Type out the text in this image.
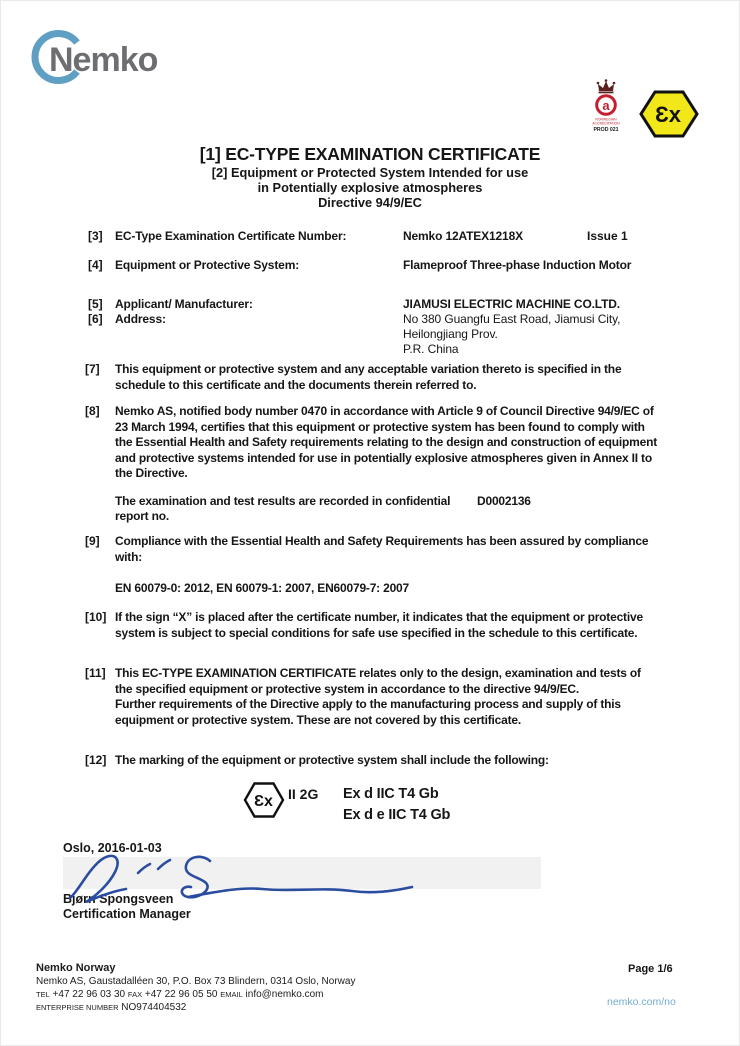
Nemko
a
NORWEGIAN
ACCREDITATION
PROD 021
Ɛx
[1] EC-TYPE EXAMINATION CERTIFICATE
[2] Equipment or Protected System Intended for use
in Potentially explosive atmospheres
Directive 94/9/EC
[3] EC-Type Examination Certificate Number:	Nemko 12ATEX1218X	Issue 1
[4] Equipment or Protective System:	Flameproof Three-phase Induction Motor
[5] Applicant/ Manufacturer:	JIAMUSI ELECTRIC MACHINE CO.LTD.
[6] Address:	No 380 Guangfu East Road, Jiamusi City,
Heilongjiang Prov.
P.R. China
[7] This equipment or protective system and any acceptable variation thereto is specified in the schedule to this certificate and the documents therein referred to.
[8] Nemko AS, notified body number 0470 in accordance with Article 9 of Council Directive 94/9/EC of 23 March 1994, certifies that this equipment or protective system has been found to comply with the Essential Health and Safety requirements relating to the design and construction of equipment and protective systems intended for use in potentially explosive atmospheres given in Annex II to the Directive.
The examination and test results are recorded in confidential D0002136
report no.
[9] Compliance with the Essential Health and Safety Requirements has been assured by compliance with:
EN 60079-0: 2012, EN 60079-1: 2007, EN60079-7: 2007
[10] If the sign “X” is placed after the certificate number, it indicates that the equipment or protective system is subject to special conditions for safe use specified in the schedule to this certificate.
[11] This EC-TYPE EXAMINATION CERTIFICATE relates only to the design, examination and tests of the specified equipment or protective system in accordance to the directive 94/9/EC.
Further requirements of the Directive apply to the manufacturing process and supply of this equipment or protective system. These are not covered by this certificate.
[12] The marking of the equipment or protective system shall include the following:
Ɛx II 2G Ex d IIC T4 Gb
Ex d e IIC T4 Gb
Oslo, 2016-01-03
Bjørn Spongsveen
Certification Manager
Nemko Norway
Nemko AS, Gaustadalléen 30, P.O. Box 73 Blindern, 0314 Oslo, Norway
TEL +47 22 96 03 30 FAX +47 22 96 05 50 EMAIL info@nemko.com
ENTERPRISE NUMBER NO974404532
Page 1/6
nemko.com/no
